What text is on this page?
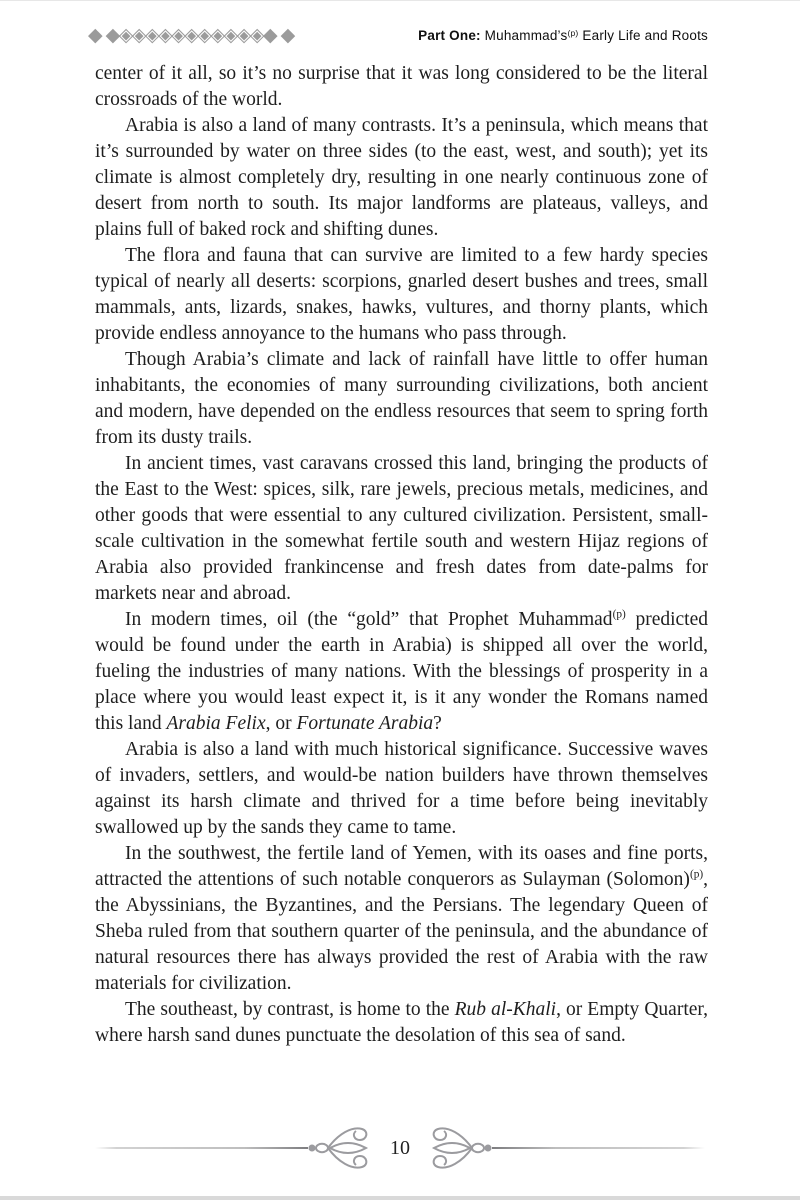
◆ ◆◈◈◈◈◈◈◈◈◈◈◈◆ ◆	Part One: $Muhammad’s^{(p)}$ Early Life and Roots

center of it all, so it’s no surprise that it was long considered to be the literal crossroads of the world.

Arabia is also a land of many contrasts. It’s a peninsula, which means that it’s surrounded by water on three sides (to the east, west, and south); yet its climate is almost completely dry, resulting in one nearly continuous zone of desert from north to south. Its major landforms are plateaus, valleys, and plains full of baked rock and shifting dunes.

The flora and fauna that can survive are limited to a few hardy species typical of nearly all deserts: scorpions, gnarled desert bushes and trees, small mammals, ants, lizards, snakes, hawks, vultures, and thorny plants, which provide endless annoyance to the humans who pass through.

Though Arabia’s climate and lack of rainfall have little to offer human inhabitants, the economies of many surrounding civilizations, both ancient and modern, have depended on the endless resources that seem to spring forth from its dusty trails.

In ancient times, vast caravans crossed this land, bringing the products of the East to the West: spices, silk, rare jewels, precious metals, medicines, and other goods that were essential to any cultured civilization. Persistent, small-scale cultivation in the somewhat fertile south and western Hijaz regions of Arabia also provided frankincense and fresh dates from date-palms for markets near and abroad.

In modern times, oil (the “gold” that Prophet Muhammad$^{(p)}$ predicted would be found under the earth in Arabia) is shipped all over the world, fueling the industries of many nations. With the blessings of prosperity in a place where you would least expect it, is it any wonder the Romans named this land Arabia Felix, or Fortunate Arabia?

Arabia is also a land with much historical significance. Successive waves of invaders, settlers, and would-be nation builders have thrown themselves against its harsh climate and thrived for a time before being inevitably swallowed up by the sands they came to tame.

In the southwest, the fertile land of Yemen, with its oases and fine ports, attracted the attentions of such notable conquerors as Sulayman (Solomon)$^{(p)}$, the Abyssinians, the Byzantines, and the Persians. The legendary Queen of Sheba ruled from that southern quarter of the peninsula, and the abundance of natural resources there has always provided the rest of Arabia with the raw materials for civilization.

The southeast, by contrast, is home to the Rub al-Khali, or Empty Quarter, where harsh sand dunes punctuate the desolation of this sea of sand.

10
